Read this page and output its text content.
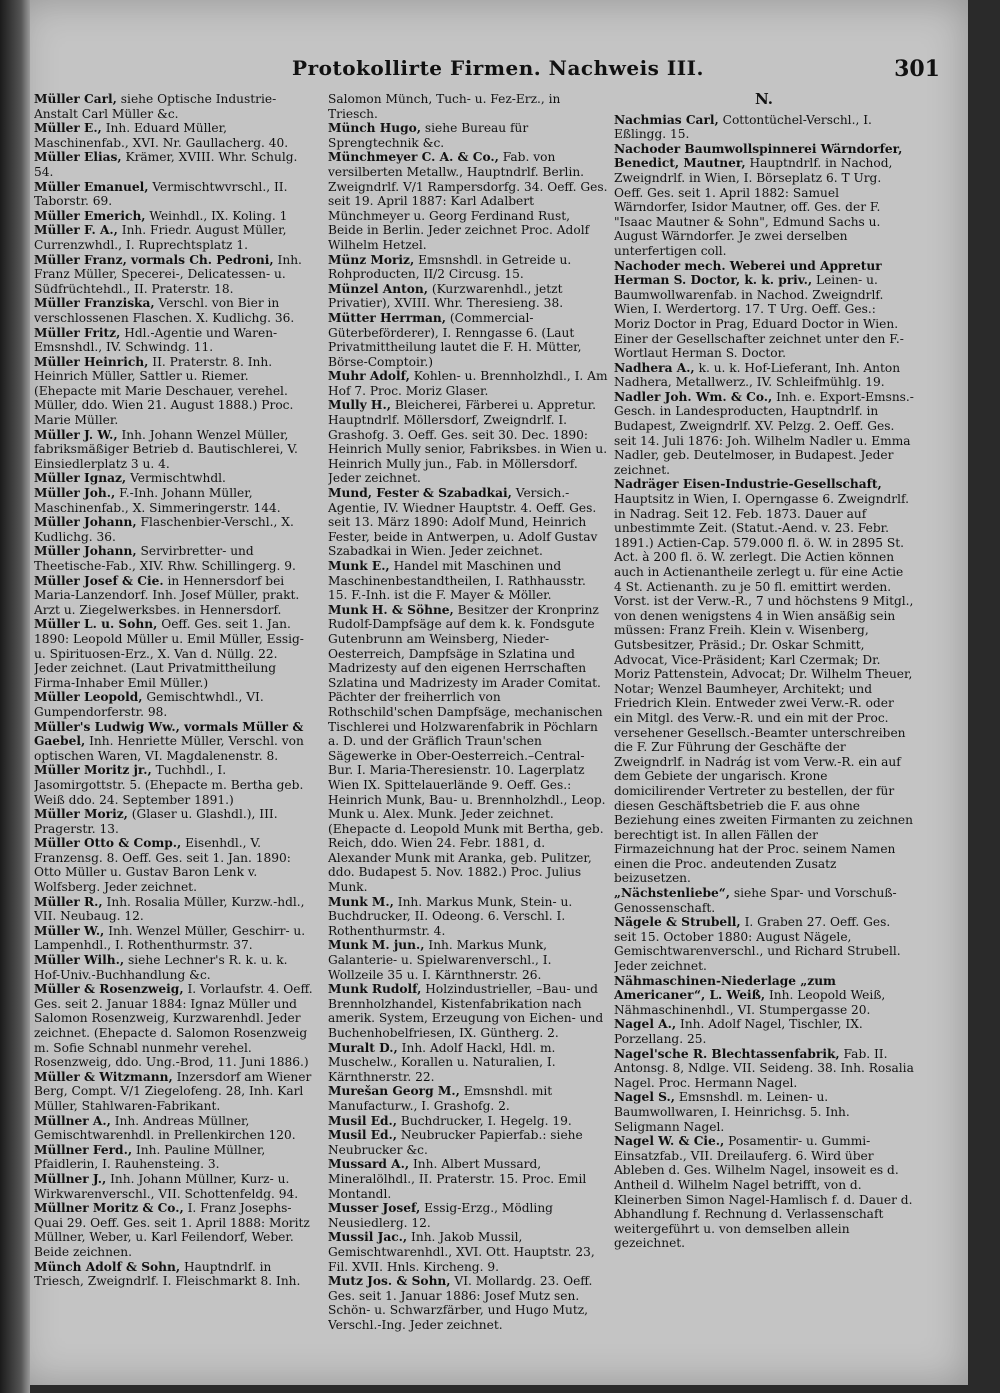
Protokollirte Firmen. Nachweis III.	301
Müller Carl, siehe Optische Industrie-Anstalt Carl Müller &c.
Müller E., Inh. Eduard Müller, Maschinenfab., XVI. Nr. Gaullacherg. 40.
Müller Elias, Krämer, XVIII. Whr. Schulg. 54.
Müller Emanuel, Vermischtwvrschl., II. Taborstr. 69.
Müller Emerich, Weinhdl., IX. Koling. 1
Müller F. A., Inh. Friedr. August Müller, Currenzwhdl., I. Ruprechtsplatz 1.
Müller Franz, vormals Ch. Pedroni, Inh. Franz Müller, Specerei-, Delicatessen- u. Südfrüchtehdl., II. Praterstr. 18.
Müller Franziska, Verschl. von Bier in verschlossenen Flaschen. X. Kudlichg. 36.
Müller Fritz, Hdl.-Agentie und Waren-Emsnshdl., IV. Schwindg. 11.
Müller Heinrich, II. Praterstr. 8. Inh. Heinrich Müller, Sattler u. Riemer. (Ehepacte mit Marie Deschauer, verehel. Müller, ddo. Wien 21. August 1888.) Proc. Marie Müller.
Müller J. W., Inh. Johann Wenzel Müller, fabriksmäßiger Betrieb d. Bautischlerei, V. Einsiedlerplatz 3 u. 4.
Müller Ignaz, Vermischtwhdl.
Müller Joh., F.-Inh. Johann Müller, Maschinenfab., X. Simmeringerstr. 144.
Müller Johann, Flaschenbier-Verschl., X. Kudlichg. 36.
Müller Johann, Servirbretter- und Theetische-Fab., XIV. Rhw. Schillingerg. 9.
Müller Josef & Cie. in Hennersdorf bei Maria-Lanzendorf. Inh. Josef Müller, prakt. Arzt u. Ziegelwerksbes. in Hennersdorf.
Müller L. u. Sohn, Oeff. Ges. seit 1. Jan. 1890: Leopold Müller u. Emil Müller, Essig- u. Spirituosen-Erz., X. Van d. Nüllg. 22. Jeder zeichnet. (Laut Privatmittheilung Firma-Inhaber Emil Müller.)
Müller Leopold, Gemischtwhdl., VI. Gumpendorferstr. 98.
Müller's Ludwig Ww., vormals Müller & Gaebel, Inh. Henriette Müller, Verschl. von optischen Waren, VI. Magdalenenstr. 8.
Müller Moritz jr., Tuchhdl., I. Jasomirgottstr. 5. (Ehepacte m. Bertha geb. Weiß ddo. 24. September 1891.)
Müller Moriz, (Glaser u. Glashdl.), III. Pragerstr. 13.
Müller Otto & Comp., Eisenhdl., V. Franzensg. 8. Oeff. Ges. seit 1. Jan. 1890: Otto Müller u. Gustav Baron Lenk v. Wolfsberg. Jeder zeichnet.
Müller R., Inh. Rosalia Müller, Kurzw.-hdl., VII. Neubaug. 12.
Müller W., Inh. Wenzel Müller, Geschirr- u. Lampenhdl., I. Rothenthurmstr. 37.
Müller Wilh., siehe Lechner's R. k. u. k. Hof-Univ.-Buchhandlung &c.
Müller & Rosenzweig, I. Vorlaufstr. 4. Oeff. Ges. seit 2. Januar 1884: Ignaz Müller und Salomon Rosenzweig, Kurzwarenhdl. Jeder zeichnet. (Ehepacte d. Salomon Rosenzweig m. Sofie Schnabl nunmehr verehel. Rosenzweig, ddo. Ung.-Brod, 11. Juni 1886.)
Müller & Witzmann, Inzersdorf am Wiener Berg, Compt. V/1 Ziegelofeng. 28, Inh. Karl Müller, Stahlwaren-Fabrikant.
Müllner A., Inh. Andreas Müllner, Gemischtwarenhdl. in Prellenkirchen 120.
Müllner Ferd., Inh. Pauline Müllner, Pfaidlerin, I. Rauhensteing. 3.
Müllner J., Inh. Johann Müllner, Kurz- u. Wirkwarenverschl., VII. Schottenfeldg. 94.
Müllner Moritz & Co., I. Franz Josephs-Quai 29. Oeff. Ges. seit 1. April 1888: Moritz Müllner, Weber, u. Karl Feilendorf, Weber. Beide zeichnen.
Münch Adolf & Sohn, Hauptndrlf. in Triesch, Zweigndrlf. I. Fleischmarkt 8. Inh.
Salomon Münch, Tuch- u. Fez-Erz., in Triesch.
Münch Hugo, siehe Bureau für Sprengtechnik &c.
Münchmeyer C. A. & Co., Fab. von versilberten Metallw., Hauptndrlf. Berlin. Zweigndrlf. V/1 Rampersdorfg. 34. Oeff. Ges. seit 19. April 1887: Karl Adalbert Münchmeyer u. Georg Ferdinand Rust, Beide in Berlin. Jeder zeichnet Proc. Adolf Wilhelm Hetzel.
Münz Moriz, Emsnshdl. in Getreide u. Rohproducten, II/2 Circusg. 15.
Münzel Anton, (Kurzwarenhdl., jetzt Privatier), XVIII. Whr. Theresieng. 38.
Mütter Herrman, (Commercial-Güterbeförderer), I. Renngasse 6. (Laut Privatmittheilung lautet die F. H. Mütter, Börse-Comptoir.)
Muhr Adolf, Kohlen- u. Brennholzhdl., I. Am Hof 7. Proc. Moriz Glaser.
Mully H., Bleicherei, Färberei u. Appretur. Hauptndrlf. Möllersdorf, Zweigndrlf. I. Grashofg. 3. Oeff. Ges. seit 30. Dec. 1890: Heinrich Mully senior, Fabriksbes. in Wien u. Heinrich Mully jun., Fab. in Möllersdorf. Jeder zeichnet.
Mund, Fester & Szabadkai, Versich.-Agentie, IV. Wiedner Hauptstr. 4. Oeff. Ges. seit 13. März 1890: Adolf Mund, Heinrich Fester, beide in Antwerpen, u. Adolf Gustav Szabadkai in Wien. Jeder zeichnet.
Munk E., Handel mit Maschinen und Maschinenbestandtheilen, I. Rathhausstr. 15. F.-Inh. ist die F. Mayer & Möller.
Munk H. & Söhne, Besitzer der Kronprinz Rudolf-Dampfsäge auf dem k. k. Fondsgute Gutenbrunn am Weinsberg, Nieder-Oesterreich, Dampfsäge in Szlatina und Madrizesty auf den eigenen Herrschaften Szlatina und Madrizesty im Arader Comitat. Pächter der freiherrlich von Rothschild'schen Dampfsäge, mechanischen Tischlerei und Holzwarenfabrik in Pöchlarn a. D. und der Gräflich Traun'schen Sägewerke in Ober-Oesterreich.–Central-Bur. I. Maria-Theresienstr. 10. Lagerplatz Wien IX. Spittelauerlände 9. Oeff. Ges.: Heinrich Munk, Bau- u. Brennholzhdl., Leop. Munk u. Alex. Munk. Jeder zeichnet. (Ehepacte d. Leopold Munk mit Bertha, geb. Reich, ddo. Wien 24. Febr. 1881, d. Alexander Munk mit Aranka, geb. Pulitzer, ddo. Budapest 5. Nov. 1882.) Proc. Julius Munk.
Munk M., Inh. Markus Munk, Stein- u. Buchdrucker, II. Odeong. 6. Verschl. I. Rothenthurmstr. 4.
Munk M. jun., Inh. Markus Munk, Galanterie- u. Spielwarenverschl., I. Wollzeile 35 u. I. Kärnthnerstr. 26.
Munk Rudolf, Holzindustrieller, –Bau- und Brennholzhandel, Kistenfabrikation nach amerik. System, Erzeugung von Eichen- und Buchenhobelfriesen, IX. Güntherg. 2.
Muralt D., Inh. Adolf Hackl, Hdl. m. Muschelw., Korallen u. Naturalien, I. Kärnthnerstr. 22.
Murešan Georg M., Emsnshdl. mit Manufacturw., I. Grashofg. 2.
Musil Ed., Buchdrucker, I. Hegelg. 19.
Musil Ed., Neubrucker Papierfab.: siehe Neubrucker &c.
Mussard A., Inh. Albert Mussard, Mineralölhdl., II. Praterstr. 15. Proc. Emil Montandl.
Musser Josef, Essig-Erzg., Mödling Neusiedlerg. 12.
Mussil Jac., Inh. Jakob Mussil, Gemischtwarenhdl., XVI. Ott. Hauptstr. 23, Fil. XVII. Hnls. Kircheng. 9.
Mutz Jos. & Sohn, VI. Mollardg. 23. Oeff. Ges. seit 1. Januar 1886: Josef Mutz sen. Schön- u. Schwarzfärber, und Hugo Mutz, Verschl.-Ing. Jeder zeichnet.
N.
Nachmias Carl, Cottontüchel-Verschl., I. Eßlingg. 15.
Nachoder Baumwollspinnerei Wärndorfer, Benedict, Mautner, Hauptndrlf. in Nachod, Zweigndrlf. in Wien, I. Börseplatz 6. T Urg. Oeff. Ges. seit 1. April 1882: Samuel Wärndorfer, Isidor Mautner, off. Ges. der F. "Isaac Mautner & Sohn", Edmund Sachs u. August Wärndorfer. Je zwei derselben unterfertigen coll.
Nachoder mech. Weberei und Appretur Herman S. Doctor, k. k. priv., Leinen- u. Baumwollwarenfab. in Nachod. Zweigndrlf. Wien, I. Werdertorg. 17. T Urg. Oeff. Ges.: Moriz Doctor in Prag, Eduard Doctor in Wien. Einer der Gesellschafter zeichnet unter den F.-Wortlaut Herman S. Doctor.
Nadhera A., k. u. k. Hof-Lieferant, Inh. Anton Nadhera, Metallwerz., IV. Schleifmühlg. 19.
Nadler Joh. Wm. & Co., Inh. e. Export-Emsns.-Gesch. in Landesproducten, Hauptndrlf. in Budapest, Zweigndrlf. XV. Pelzg. 2. Oeff. Ges. seit 14. Juli 1876: Joh. Wilhelm Nadler u. Emma Nadler, geb. Deutelmoser, in Budapest. Jeder zeichnet.
Nadräger Eisen-Industrie-Gesellschaft, Hauptsitz in Wien, I. Operngasse 6. Zweigndrlf. in Nadrag. Seit 12. Feb. 1873. Dauer auf unbestimmte Zeit. (Statut.-Aend. v. 23. Febr. 1891.) Actien-Cap. 579.000 fl. ö. W. in 2895 St. Act. à 200 fl. ö. W. zerlegt. Die Actien können auch in Actienantheile zerlegt u. für eine Actie 4 St. Actienanth. zu je 50 fl. emittirt werden. Vorst. ist der Verw.-R., 7 und höchstens 9 Mitgl., von denen wenigstens 4 in Wien ansäßig sein müssen: Franz Freih. Klein v. Wisenberg, Gutsbesitzer, Präsid.; Dr. Oskar Schmitt, Advocat, Vice-Präsident; Karl Czermak; Dr. Moriz Pattenstein, Advocat; Dr. Wilhelm Theuer, Notar; Wenzel Baumheyer, Architekt; und Friedrich Klein. Entweder zwei Verw.-R. oder ein Mitgl. des Verw.-R. und ein mit der Proc. versehener Gesellsch.-Beamter unterschreiben die F. Zur Führung der Geschäfte der Zweigndrlf. in Nadrág ist vom Verw.-R. ein auf dem Gebiete der ungarisch. Krone domicilirender Vertreter zu bestellen, der für diesen Geschäftsbetrieb die F. aus ohne Beziehung eines zweiten Firmanten zu zeichnen berechtigt ist. In allen Fällen der Firmazeichnung hat der Proc. seinem Namen einen die Proc. andeutenden Zusatz beizusetzen.
„Nächstenliebe“, siehe Spar- und Vorschuß-Genossenschaft.
Nägele & Strubell, I. Graben 27. Oeff. Ges. seit 15. October 1880: August Nägele, Gemischtwarenverschl., und Richard Strubell. Jeder zeichnet.
Nähmaschinen-Niederlage „zum Americaner“, L. Weiß, Inh. Leopold Weiß, Nähmaschinenhdl., VI. Stumpergasse 20.
Nagel A., Inh. Adolf Nagel, Tischler, IX. Porzellang. 25.
Nagel'sche R. Blechtassenfabrik, Fab. II. Antonsg. 8, Ndlge. VII. Seideng. 38. Inh. Rosalia Nagel. Proc. Hermann Nagel.
Nagel S., Emsnshdl. m. Leinen- u. Baumwollwaren, I. Heinrichsg. 5. Inh. Seligmann Nagel.
Nagel W. & Cie., Posamentir- u. Gummi-Einsatzfab., VII. Dreilauferg. 6. Wird über Ableben d. Ges. Wilhelm Nagel, insoweit es d. Antheil d. Wilhelm Nagel betrifft, von d. Kleinerben Simon Nagel-Hamlisch f. d. Dauer d. Abhandlung f. Rechnung d. Verlassenschaft weitergeführt u. von demselben allein gezeichnet.
